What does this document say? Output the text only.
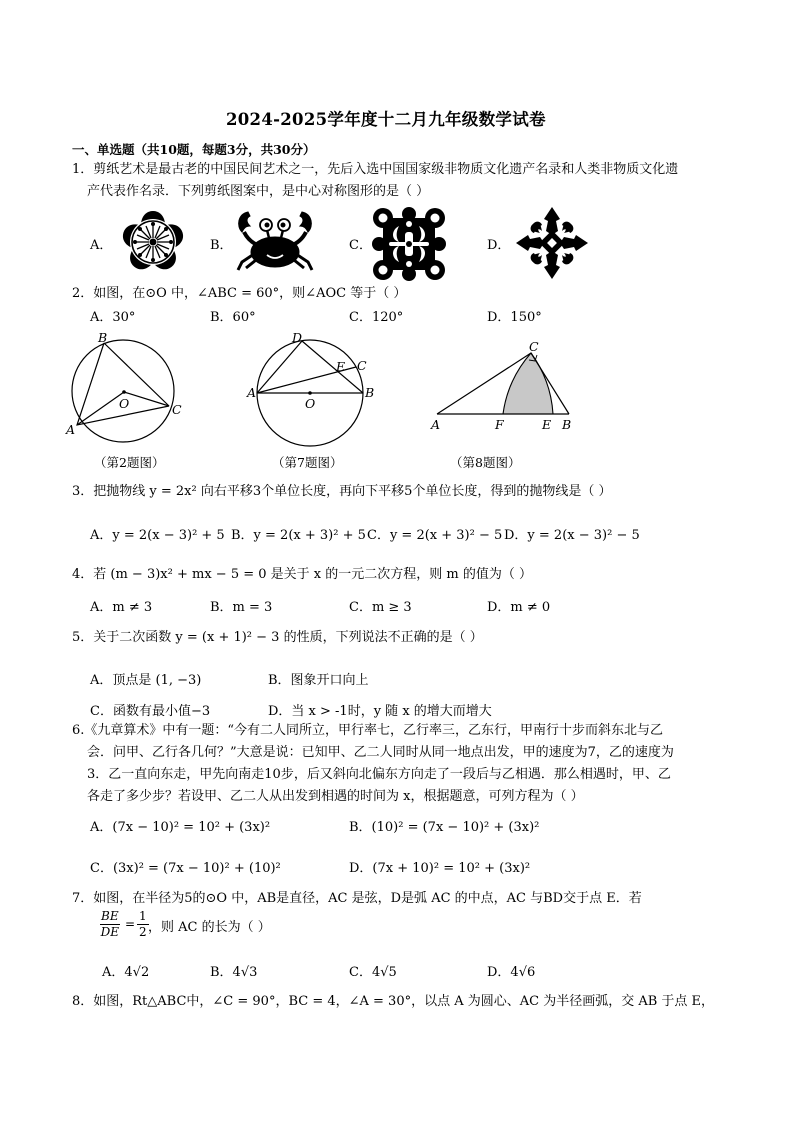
2024-2025学年度十二月九年级数学试卷
一、单选题（共10题，每题3分，共30分）
1．剪纸艺术是最古老的中国民间艺术之一，先后入选中国国家级非物质文化遗产名录和人类非物质文化遗
产代表作名录．下列剪纸图案中，是中心对称图形的是（ ）
A．	B．	C．	D．
2．如图，在⊙O 中，∠ABC = 60°，则∠AOC 等于（ ）
A．30°	B．60°	C．120°	D．150°
B
O	C
A
（第2题图）
D
E C
A
O
B
（第7题图）
C
A	F	E B
（第8题图）
3．把抛物线 y = 2x² 向右平移3个单位长度，再向下平移5个单位长度，得到的抛物线是（ ）
A．y = 2(x − 3)² + 5 B．y = 2(x + 3)² + 5 C．y = 2(x + 3)² − 5 D．y = 2(x − 3)² − 5
4．若 (m − 3)x² + mx − 5 = 0 是关于 x 的一元二次方程，则 m 的值为（ ）
A．m ≠ 3	B．m = 3	C．m ≥ 3	D．m ≠ 0
5．关于二次函数 y = (x + 1)² − 3 的性质，下列说法不正确的是（ ）
A．顶点是 (1, −3)	B．图象开口向上
C．函数有最小值−3	D．当 x > -1时，y 随 x 的增大而增大
6.《九章算术》中有一题：“今有二人同所立，甲行率七，乙行率三，乙东行，甲南行十步而斜东北与乙
会．问甲、乙行各几何？”大意是说：已知甲、乙二人同时从同一地点出发，甲的速度为7，乙的速度为
3．乙一直向东走，甲先向南走10步，后又斜向北偏东方向走了一段后与乙相遇．那么相遇时，甲、乙
各走了多少步？若设甲、乙二人从出发到相遇的时间为 x，根据题意，可列方程为（ ）
A．(7x − 10)² = 10² + (3x)²	B．(10)² = (7x − 10)² + (3x)²
C．(3x)² = (7x − 10)² + (10)²	D．(7x + 10)² = 10² + (3x)²
7．如图，在半径为5的⊙O 中，AB是直径，AC 是弦，D是弧 AC 的中点，AC 与BD交于点 E．若
$\frac{BE}{DE} = \frac{1}{2}$ ，则 AC 的长为（ ）
A．4√2	B．4√3	C．4√5	D．4√6
8．如图，Rt△ABC中，∠C = 90°，BC = 4，∠A = 30°，以点 A 为圆心、AC 为半径画弧，交 AB 于点 E，
